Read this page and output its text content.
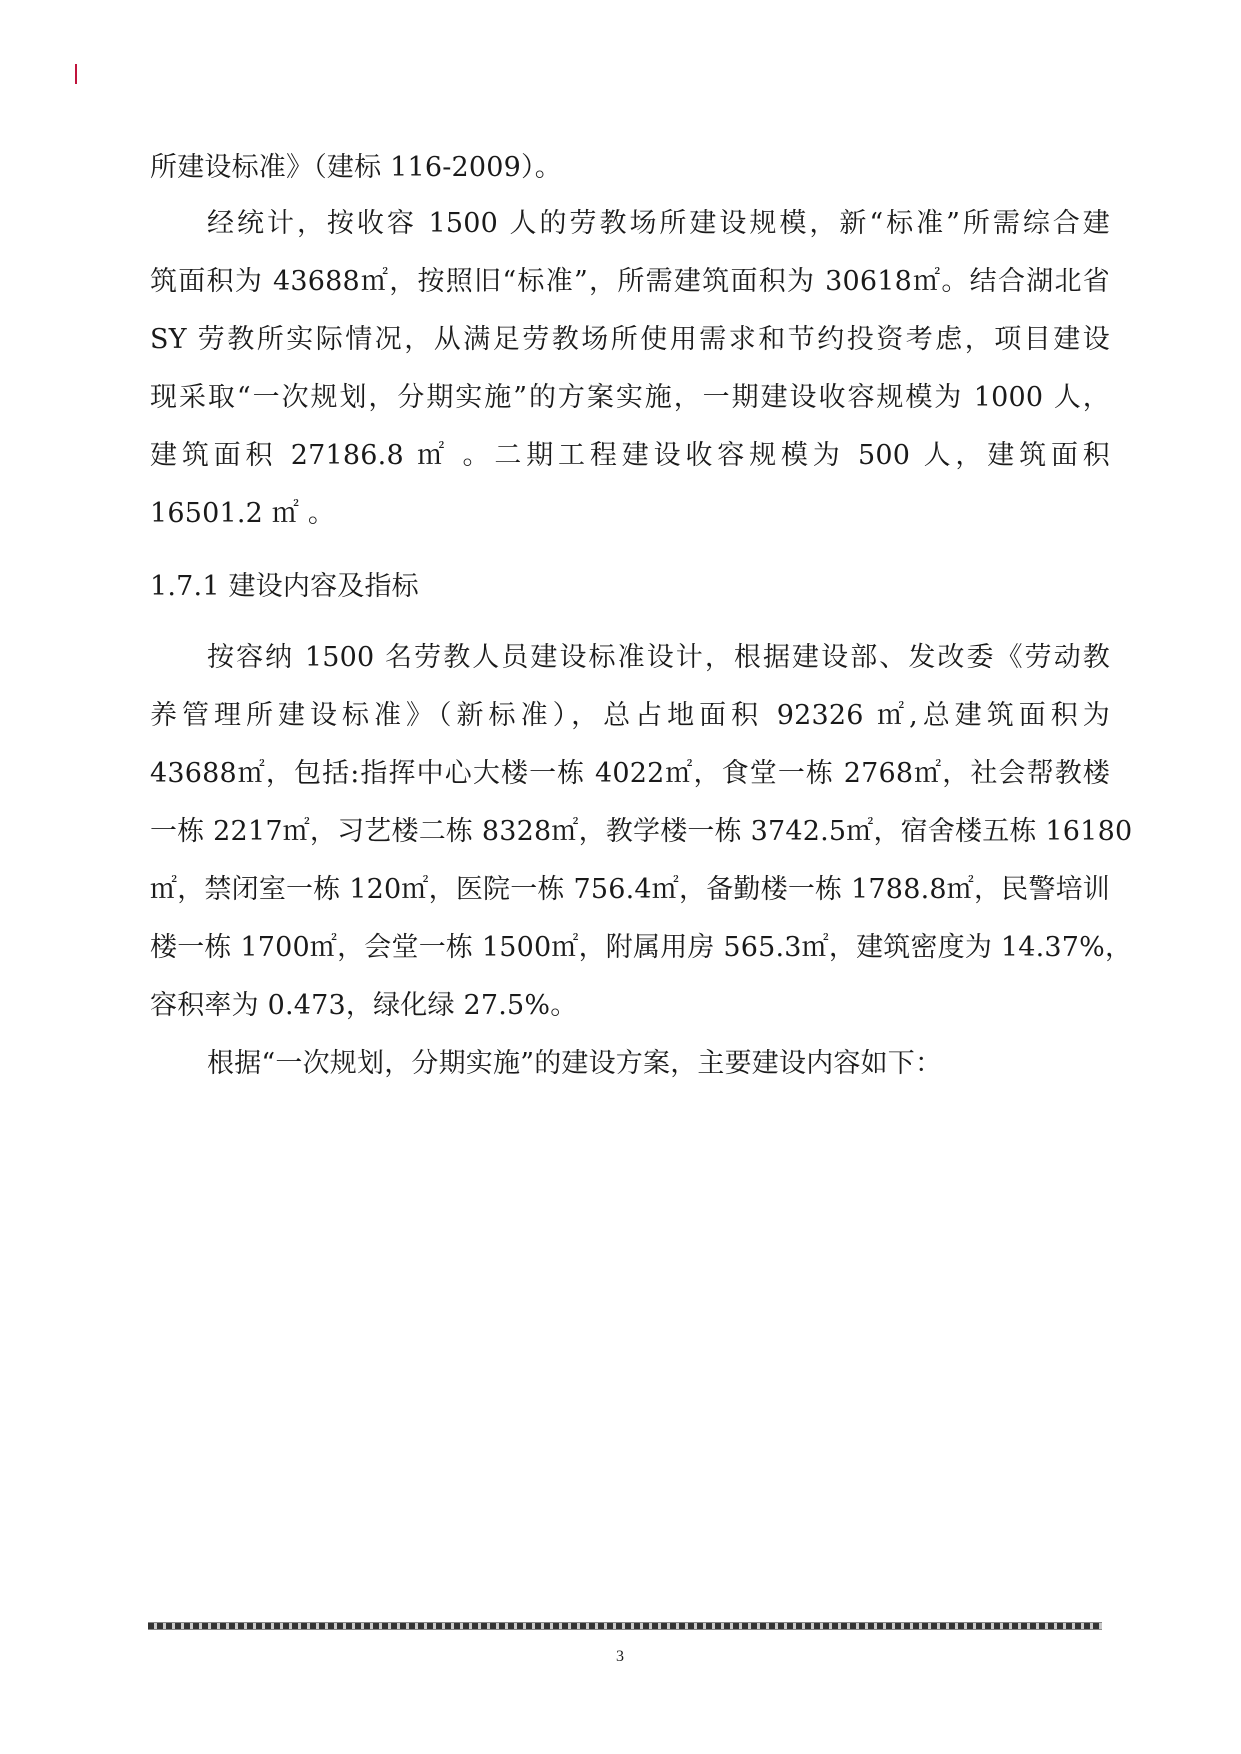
所建设标准》（建标 116-2009）。
经统计，按收容 1500 人的劳教场所建设规模，新“标准”所需综合建
筑面积为 43688㎡，按照旧“标准”，所需建筑面积为 30618㎡。结合湖北省
SY 劳教所实际情况，从满足劳教场所使用需求和节约投资考虑，项目建设
现采取“一次规划，分期实施”的方案实施，一期建设收容规模为 1000 人，
建筑面积 27186.8 ㎡ 。二期工程建设收容规模为 500 人，建筑面积
16501.2 ㎡ 。
1.7.1 建设内容及指标
按容纳 1500 名劳教人员建设标准设计，根据建设部、发改委《劳动教
养管理所建设标准》（新标准），总占地面积 92326 ㎡,总建筑面积为
43688㎡，包括:指挥中心大楼一栋 4022㎡，食堂一栋 2768㎡，社会帮教楼
一栋 2217㎡，习艺楼二栋 8328㎡，教学楼一栋 3742.5㎡，宿舍楼五栋 16180
㎡，禁闭室一栋 120㎡，医院一栋 756.4㎡，备勤楼一栋 1788.8㎡，民警培训
楼一栋 1700㎡，会堂一栋 1500㎡，附属用房 565.3㎡，建筑密度为 14.37%，
容积率为 0.473，绿化绿 27.5%。
根据“一次规划，分期实施”的建设方案，主要建设内容如下：
3
